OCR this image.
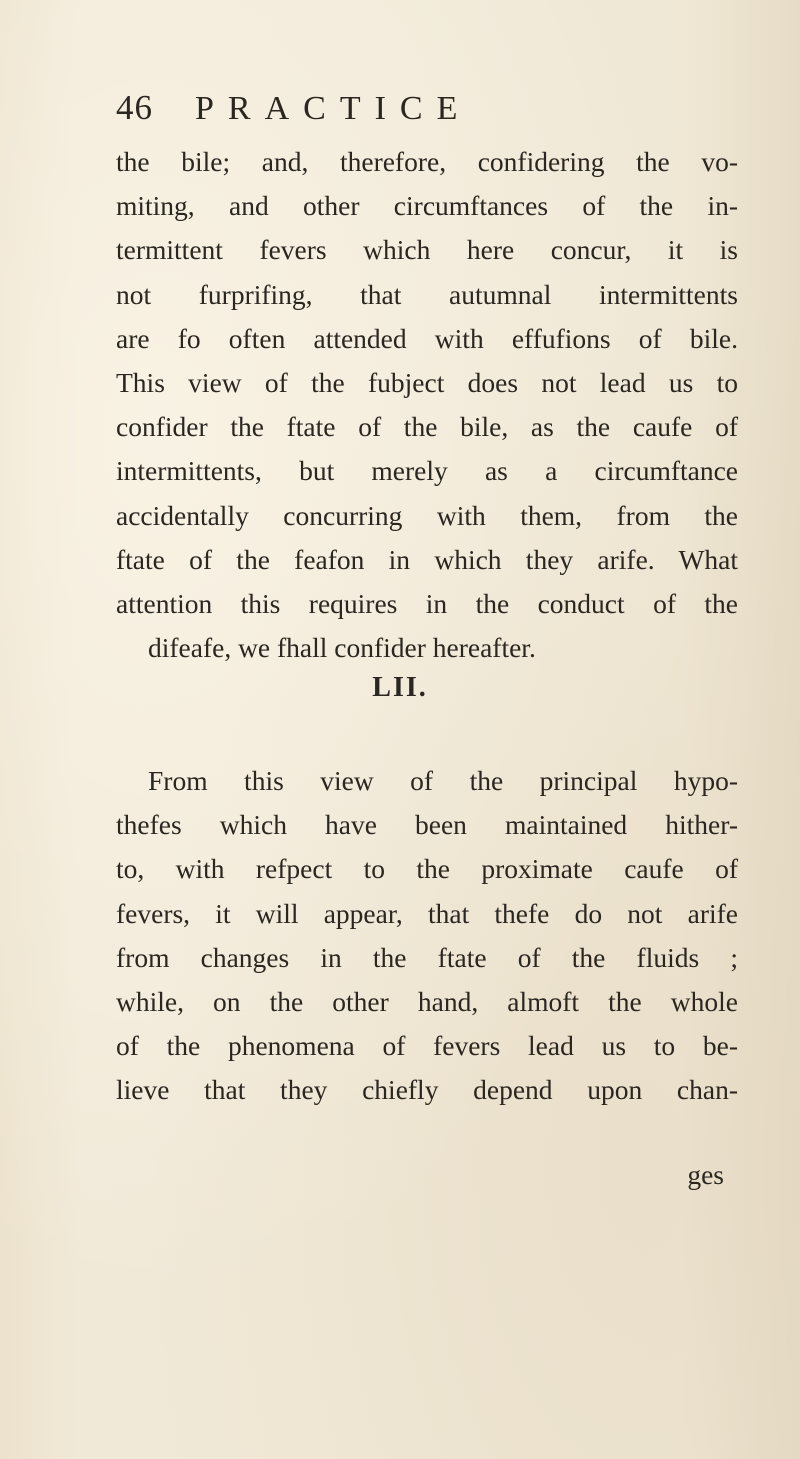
46 PRACTICE

the bile; and, therefore, confidering the vo-
miting, and other circumftances of the in-
termittent fevers which here concur, it is
not furprifing, that autumnal intermittents
are fo often attended with effufions of bile.
This view of the fubject does not lead us to
confider the ftate of the bile, as the caufe of
intermittents, but merely as a circumftance
accidentally concurring with them, from the
ftate of the feafon in which they arife. What
attention this requires in the conduct of the
difeafe, we fhall confider hereafter.

LII.

From this view of the principal hypo-
thefes which have been maintained hither-
to, with refpect to the proximate caufe of
fevers, it will appear, that thefe do not arife
from changes in the ftate of the fluids ;
while, on the other hand, almoft the whole
of the phenomena of fevers lead us to be-
lieve that they chiefly depend upon chan-

ges
